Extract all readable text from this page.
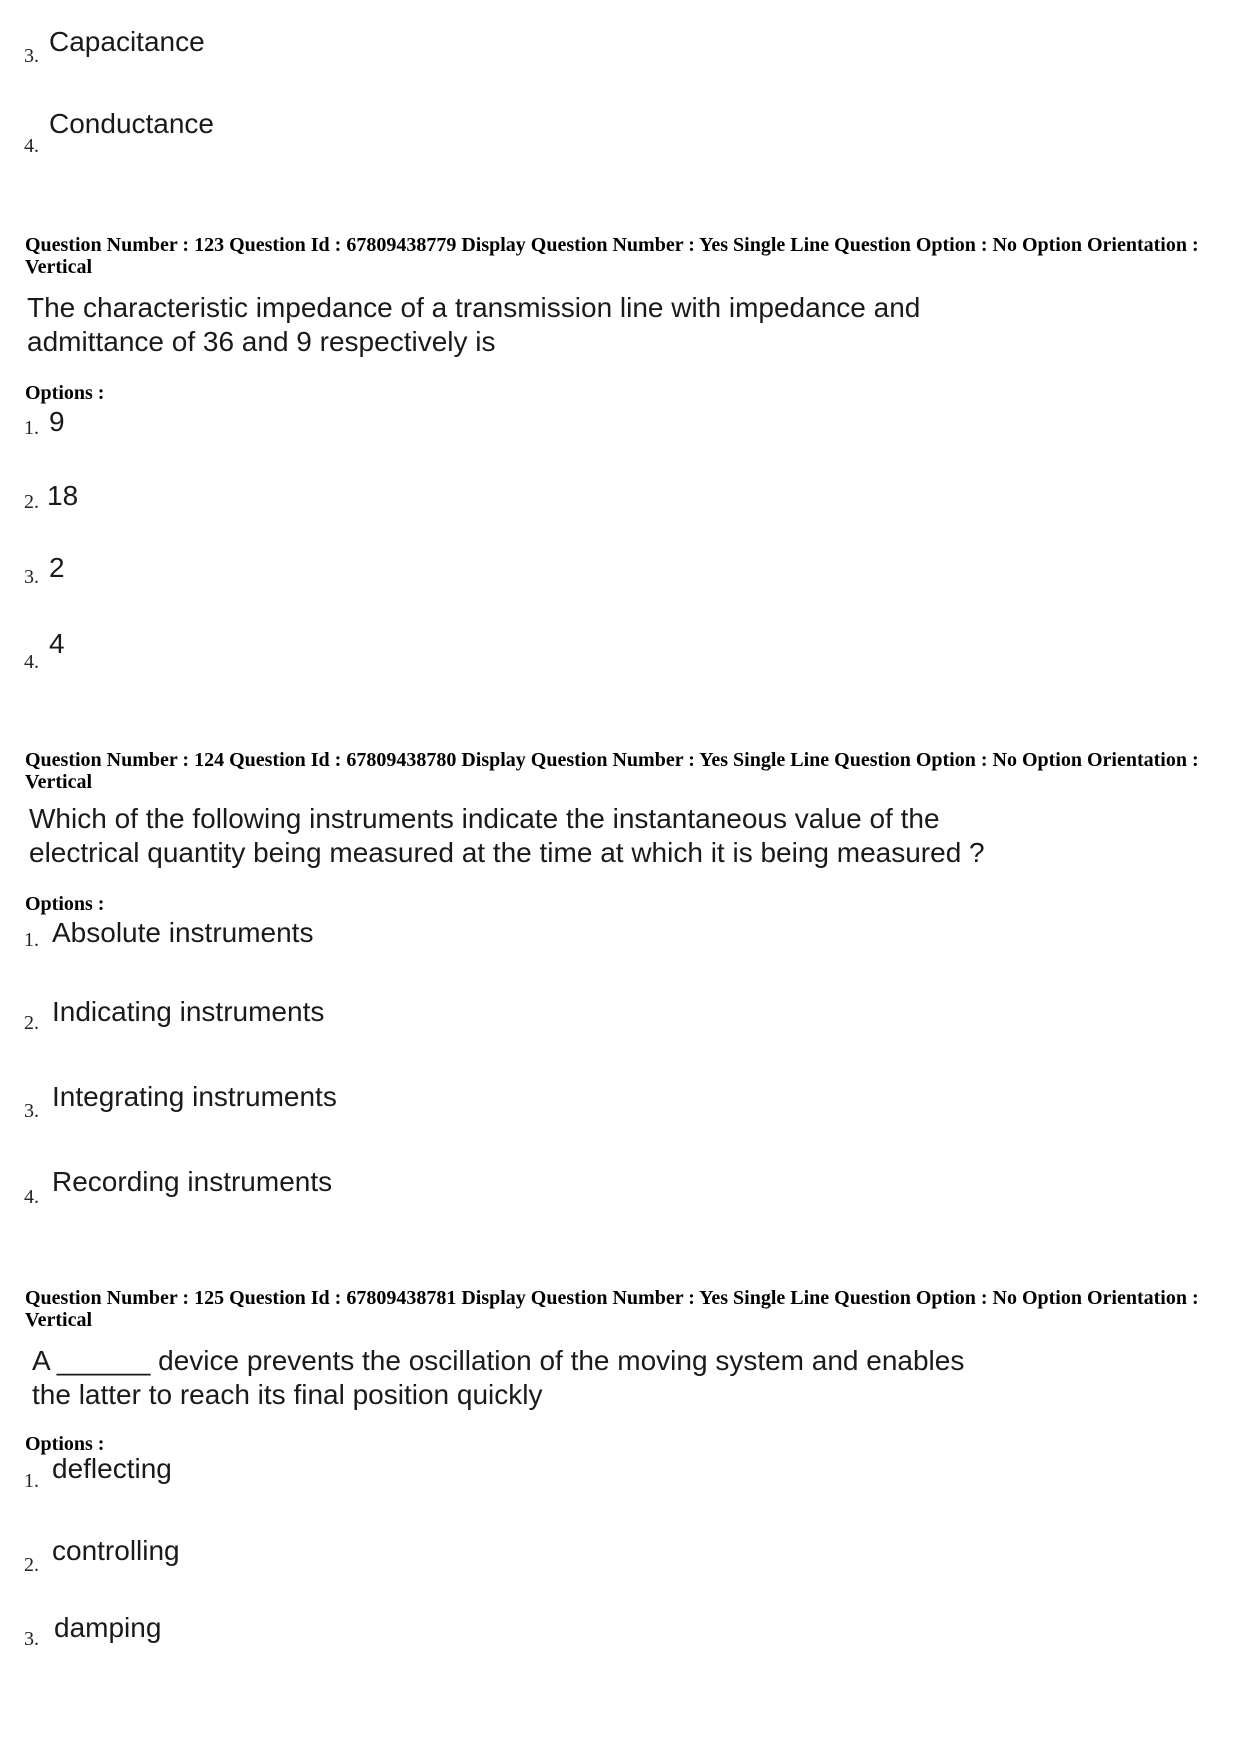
3. Capacitance
4.
Conductance
Question Number : 123 Question Id : 67809438779 Display Question Number : Yes Single Line Question Option : No Option Orientation : Vertical
The characteristic impedance of a transmission line with impedance and
admittance of 36 and 9 respectively is
Options :
1. 9
2. 18
3. 2
4.
4
Question Number : 124 Question Id : 67809438780 Display Question Number : Yes Single Line Question Option : No Option Orientation : Vertical
Which of the following instruments indicate the instantaneous value of the
electrical quantity being measured at the time at which it is being measured ?
Options :
1. Absolute instruments
2. Indicating instruments
3. Integrating instruments
4. Recording instruments
Question Number : 125 Question Id : 67809438781 Display Question Number : Yes Single Line Question Option : No Option Orientation : Vertical
A ______ device prevents the oscillation of the moving system and enables
the latter to reach its final position quickly
Options :
1. deflecting
2. controlling
3. damping
